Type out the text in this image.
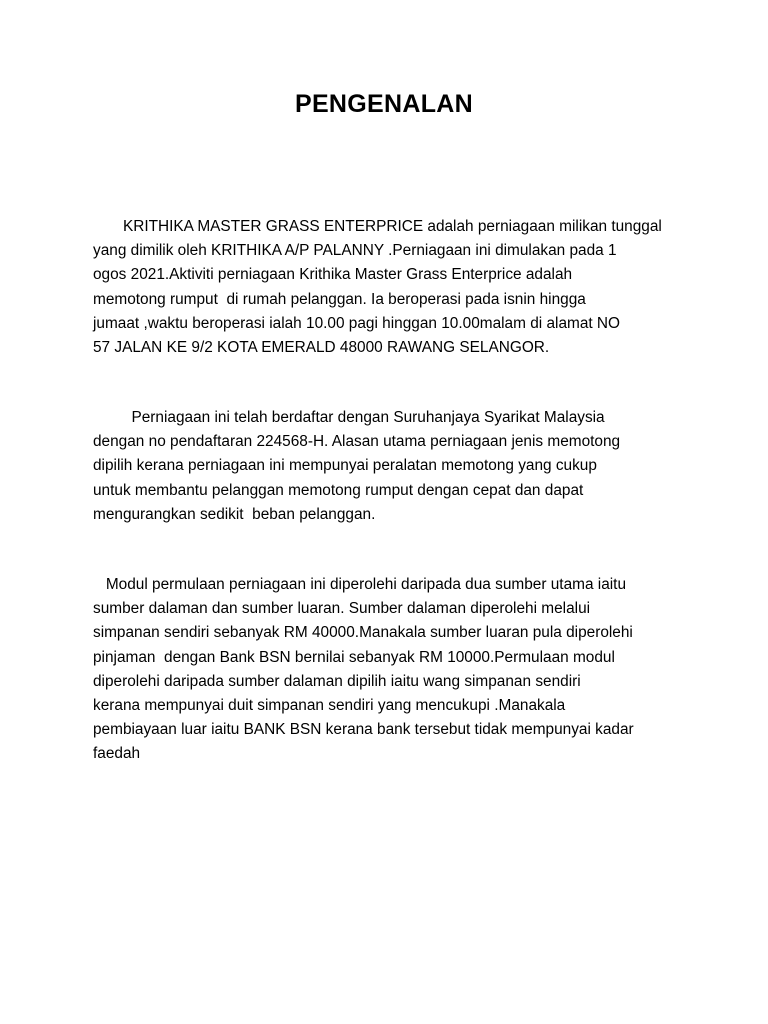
PENGENALAN

KRITHIKA MASTER GRASS ENTERPRICE adalah perniagaan milikan tunggal
yang dimilik oleh KRITHIKA A/P PALANNY .Perniagaan ini dimulakan pada 1
ogos 2021.Aktiviti perniagaan Krithika Master Grass Enterprice adalah
memotong rumput  di rumah pelanggan. Ia beroperasi pada isnin hingga
jumaat ,waktu beroperasi ialah 10.00 pagi hinggan 10.00malam di alamat NO
57 JALAN KE 9/2 KOTA EMERALD 48000 RAWANG SELANGOR.

Perniagaan ini telah berdaftar dengan Suruhanjaya Syarikat Malaysia
dengan no pendaftaran 224568-H. Alasan utama perniagaan jenis memotong
dipilih kerana perniagaan ini mempunyai peralatan memotong yang cukup
untuk membantu pelanggan memotong rumput dengan cepat dan dapat
mengurangkan sedikit  beban pelanggan.

Modul permulaan perniagaan ini diperolehi daripada dua sumber utama iaitu
sumber dalaman dan sumber luaran. Sumber dalaman diperolehi melalui
simpanan sendiri sebanyak RM 40000.Manakala sumber luaran pula diperolehi
pinjaman  dengan Bank BSN bernilai sebanyak RM 10000.Permulaan modul
diperolehi daripada sumber dalaman dipilih iaitu wang simpanan sendiri
kerana mempunyai duit simpanan sendiri yang mencukupi .Manakala
pembiayaan luar iaitu BANK BSN kerana bank tersebut tidak mempunyai kadar
faedah
